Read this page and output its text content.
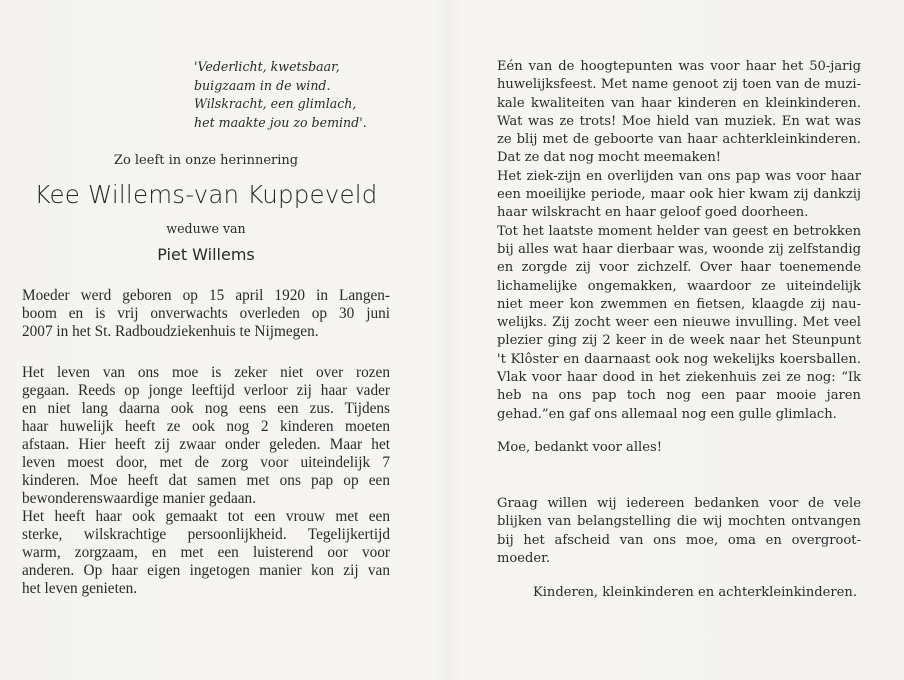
'Vederlicht, kwetsbaar,
buigzaam in de wind.
Wilskracht, een glimlach,
het maakte jou zo bemind'.
Zo leeft in onze herinnering
Kee Willems-van Kuppeveld
weduwe van
Piet Willems
Moeder werd geboren op 15 april 1920 in Langen-
boom en is vrij onverwachts overleden op 30 juni
2007 in het St. Radboudziekenhuis te Nijmegen.
Het leven van ons moe is zeker niet over rozen
gegaan. Reeds op jonge leeftijd verloor zij haar vader
en niet lang daarna ook nog eens een zus. Tijdens
haar huwelijk heeft ze ook nog 2 kinderen moeten
afstaan. Hier heeft zij zwaar onder geleden. Maar het
leven moest door, met de zorg voor uiteindelijk 7
kinderen. Moe heeft dat samen met ons pap op een
bewonderenswaardige manier gedaan.
Het heeft haar ook gemaakt tot een vrouw met een
sterke, wilskrachtige persoonlijkheid. Tegelijkertijd
warm, zorgzaam, en met een luisterend oor voor
anderen. Op haar eigen ingetogen manier kon zij van
het leven genieten.
Eén van de hoogtepunten was voor haar het 50-jarig
huwelijksfeest. Met name genoot zij toen van de muzi-
kale kwaliteiten van haar kinderen en kleinkinderen.
Wat was ze trots! Moe hield van muziek. En wat was
ze blij met de geboorte van haar achterkleinkinderen.
Dat ze dat nog mocht meemaken!
Het ziek-zijn en overlijden van ons pap was voor haar
een moeilijke periode, maar ook hier kwam zij dankzij
haar wilskracht en haar geloof goed doorheen.
Tot het laatste moment helder van geest en betrokken
bij alles wat haar dierbaar was, woonde zij zelfstandig
en zorgde zij voor zichzelf. Over haar toenemende
lichamelijke ongemakken, waardoor ze uiteindelijk
niet meer kon zwemmen en fietsen, klaagde zij nau-
welijks. Zij zocht weer een nieuwe invulling. Met veel
plezier ging zij 2 keer in de week naar het Steunpunt
't Klôster en daarnaast ook nog wekelijks koersballen.
Vlak voor haar dood in het ziekenhuis zei ze nog: “Ik
heb na ons pap toch nog een paar mooie jaren
gehad.”en gaf ons allemaal nog een gulle glimlach.
Moe, bedankt voor alles!
Graag willen wij iedereen bedanken voor de vele
blijken van belangstelling die wij mochten ontvangen
bij het afscheid van ons moe, oma en overgroot-
moeder.
Kinderen, kleinkinderen en achterkleinkinderen.
